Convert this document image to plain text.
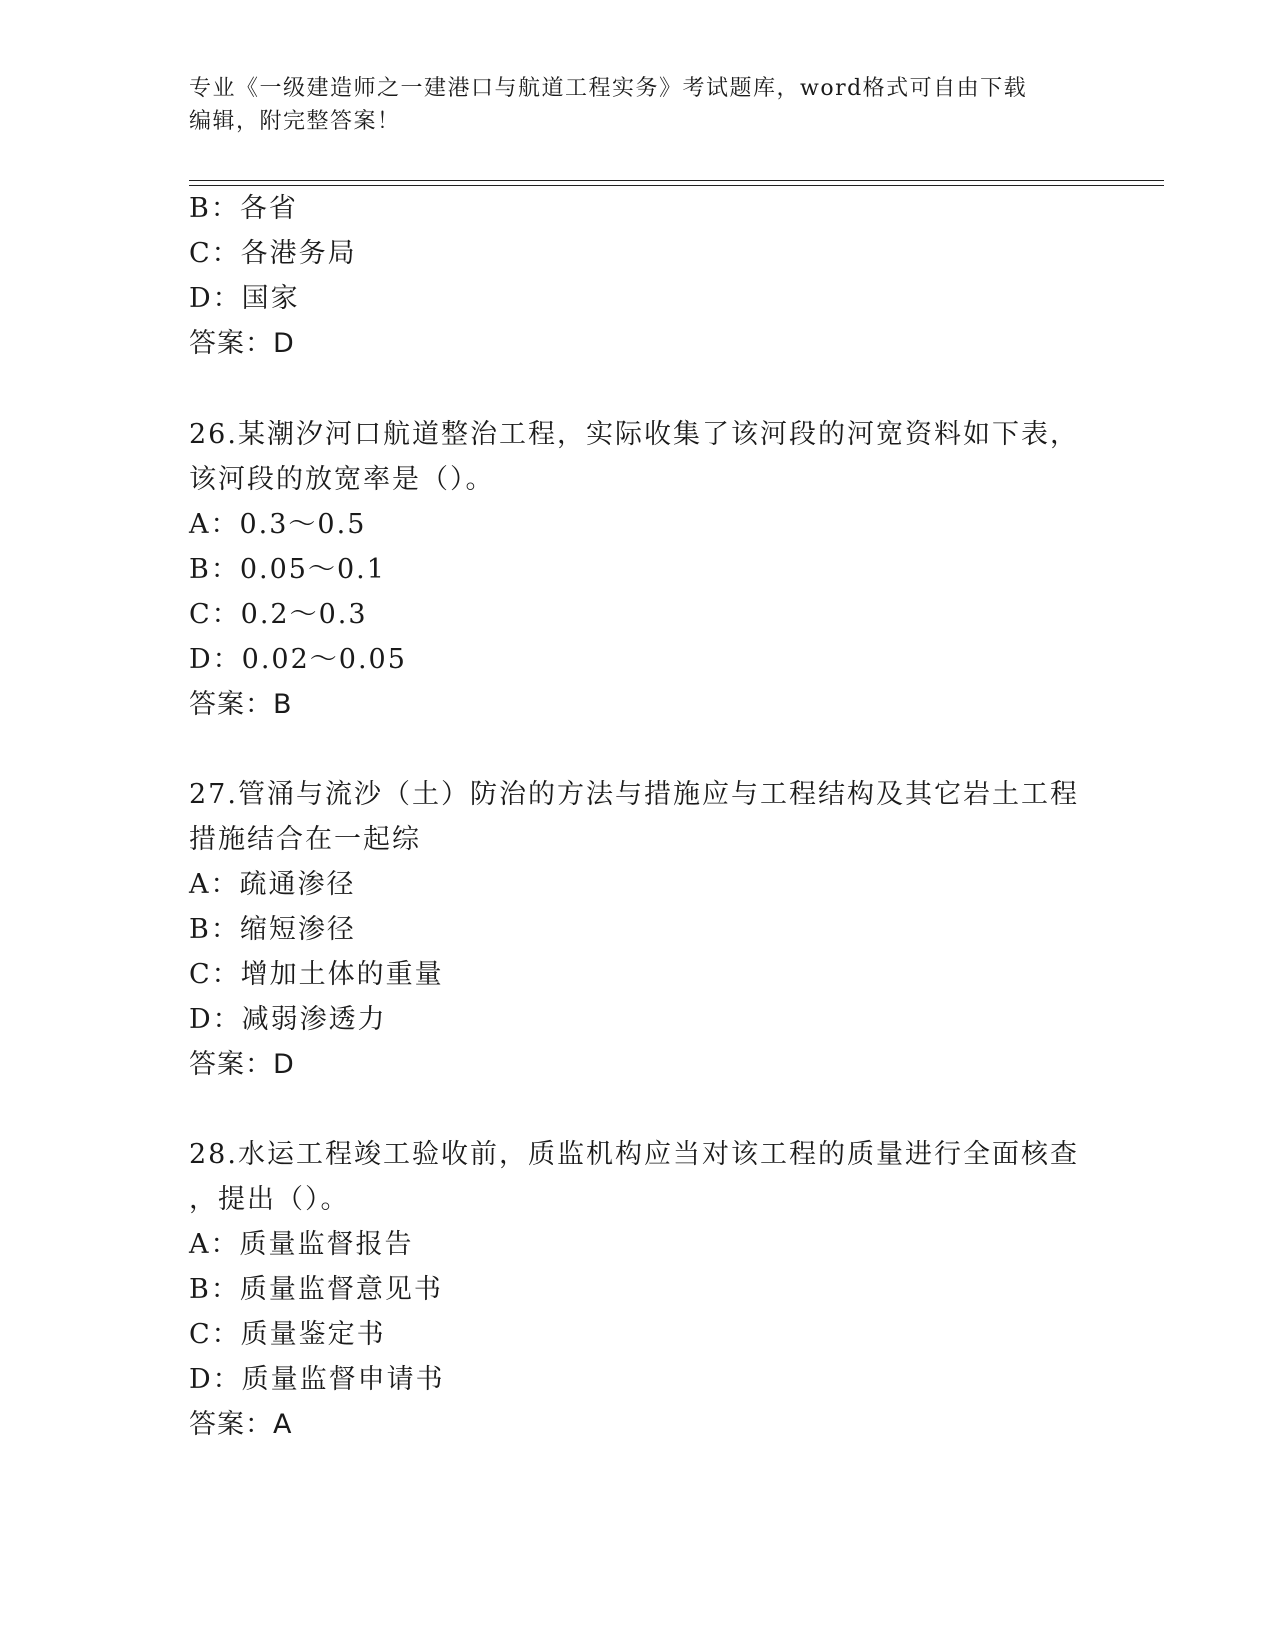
专业《一级建造师之一建港口与航道工程实务》考试题库，word格式可自由下载
编辑，附完整答案！
B：各省
C：各港务局
D：国家
答案：D
26.某潮汐河口航道整治工程，实际收集了该河段的河宽资料如下表，
该河段的放宽率是（）。
A：0.3～0.5
B：0.05～0.1
C：0.2～0.3
D：0.02～0.05
答案：B
27.管涌与流沙（土）防治的方法与措施应与工程结构及其它岩土工程
措施结合在一起综
A：疏通渗径
B：缩短渗径
C：增加土体的重量
D：减弱渗透力
答案：D
28.水运工程竣工验收前，质监机构应当对该工程的质量进行全面核查
，提出（）。
A：质量监督报告
B：质量监督意见书
C：质量鉴定书
D：质量监督申请书
答案：A
